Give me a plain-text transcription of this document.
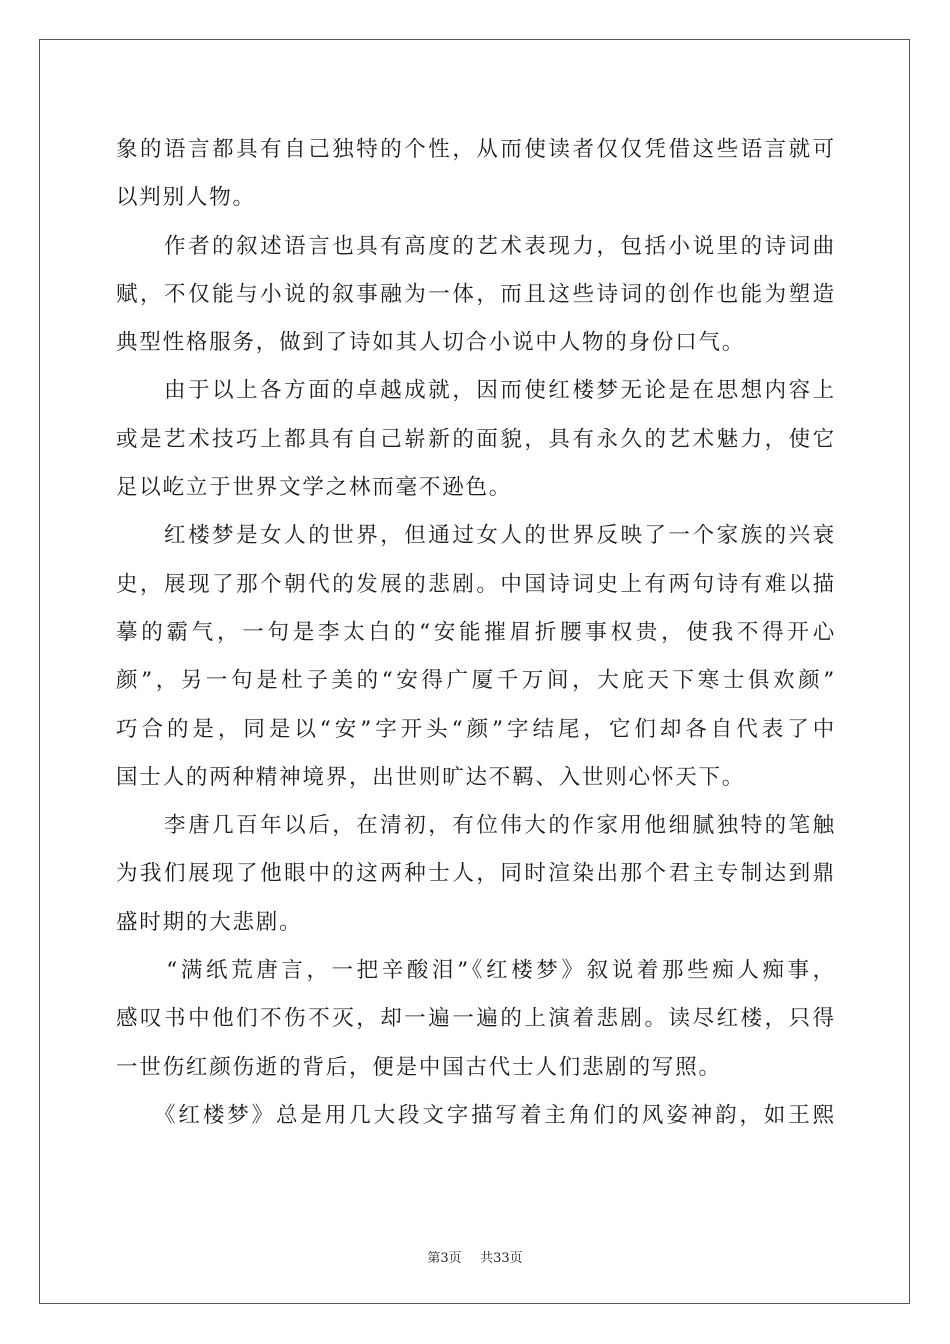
象的语言都具有自己独特的个性，从而使读者仅仅凭借这些语言就可
以判别人物。
　　作者的叙述语言也具有高度的艺术表现力，包括小说里的诗词曲
赋，不仅能与小说的叙事融为一体，而且这些诗词的创作也能为塑造
典型性格服务，做到了诗如其人切合小说中人物的身份口气。
　　由于以上各方面的卓越成就，因而使红楼梦无论是在思想内容上
或是艺术技巧上都具有自己崭新的面貌，具有永久的艺术魅力，使它
足以屹立于世界文学之林而毫不逊色。
　　红楼梦是女人的世界，但通过女人的世界反映了一个家族的兴衰
史，展现了那个朝代的发展的悲剧。中国诗词史上有两句诗有难以描
摹的霸气，一句是李太白的“安能摧眉折腰事权贵，使我不得开心
颜”，另一句是杜子美的“安得广厦千万间，大庇天下寒士俱欢颜”
巧合的是，同是以“安”字开头“颜”字结尾，它们却各自代表了中
国士人的两种精神境界，出世则旷达不羁、入世则心怀天下。
　　李唐几百年以后，在清初，有位伟大的作家用他细腻独特的笔触
为我们展现了他眼中的这两种士人，同时渲染出那个君主专制达到鼎
盛时期的大悲剧。
　　“满纸荒唐言，一把辛酸泪”《红楼梦》叙说着那些痴人痴事，
感叹书中他们不伤不灭，却一遍一遍的上演着悲剧。读尽红楼，只得
一世伤红颜伤逝的背后，便是中国古代士人们悲剧的写照。
　　《红楼梦》总是用几大段文字描写着主角们的风姿神韵，如王熙
第3页 共33页
